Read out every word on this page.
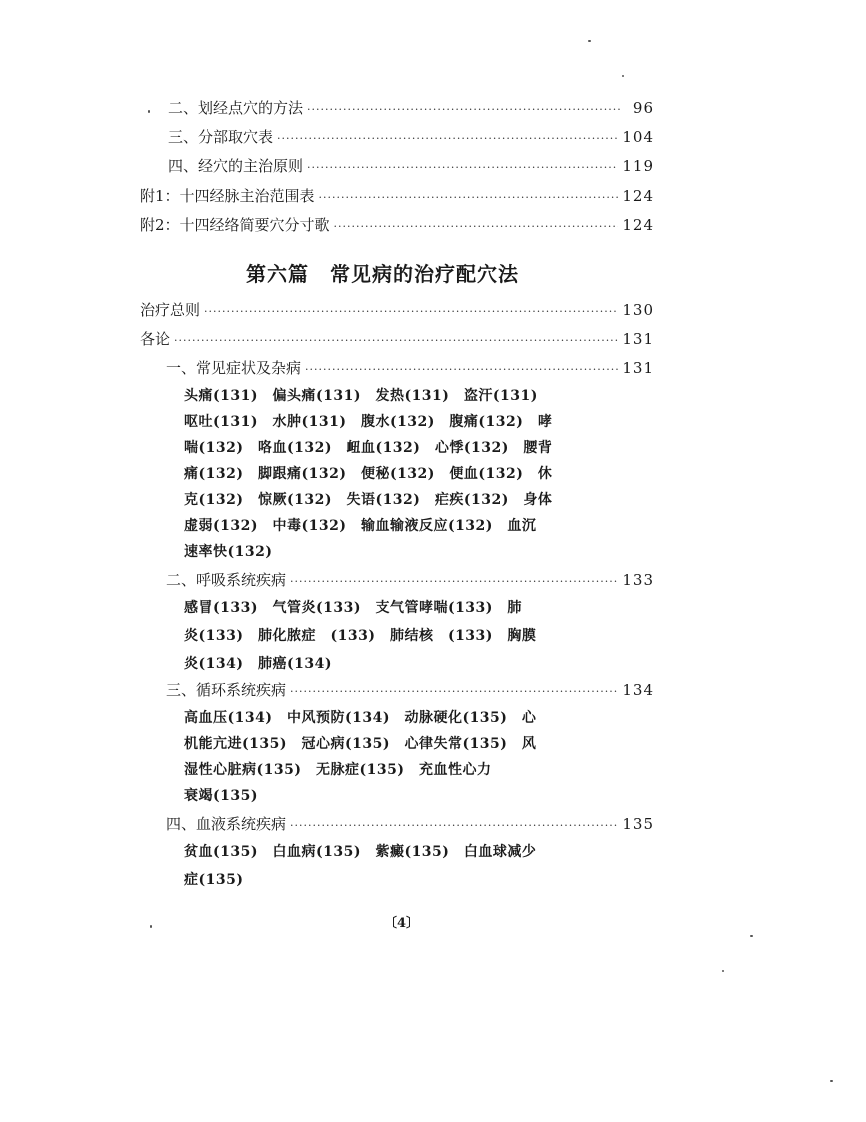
二、划经点穴的方法 ·····	96
三、分部取穴表 ·····	104
四、经穴的主治原则 ·····	119
附1：十四经脉主治范围表 ·····	124
附2：十四经络简要穴分寸歌 ·····	124
第六篇　常见病的治疗配穴法
治疗总则 ·····	130
各论 ·····	131
一、常见症状及杂病 ·····	131
头痛(131)　偏头痛(131)　发热(131)　盗汗(131)
呕吐(131)　水肿(131)　腹水(132)　腹痛(132)　哮
喘(132)　咯血(132)　衄血(132)　心悸(132)　腰背
痛(132)　脚跟痛(132)　便秘(132)　便血(132)　休
克(132)　惊厥(132)　失语(132)　疟疾(132)　身体
虚弱(132)　中毒(132)　输血输液反应(132)　血沉
速率快(132)
二、呼吸系统疾病 ·····	133
感冒(133)　气管炎(133)　支气管哮喘(133)　肺
炎(133)　肺化脓症　(133)　肺结核　(133)　胸膜
炎(134)　肺癌(134)
三、循环系统疾病 ·····	134
高血压(134)　中风预防(134)　动脉硬化(135)　心
机能亢进(135)　冠心病(135)　心律失常(135)　风
湿性心脏病(135)　无脉症(135)　充血性心力
衰竭(135)
四、血液系统疾病 ·····	135
贫血(135)　白血病(135)　紫癜(135)　白血球减少
症(135)
〔4〕
